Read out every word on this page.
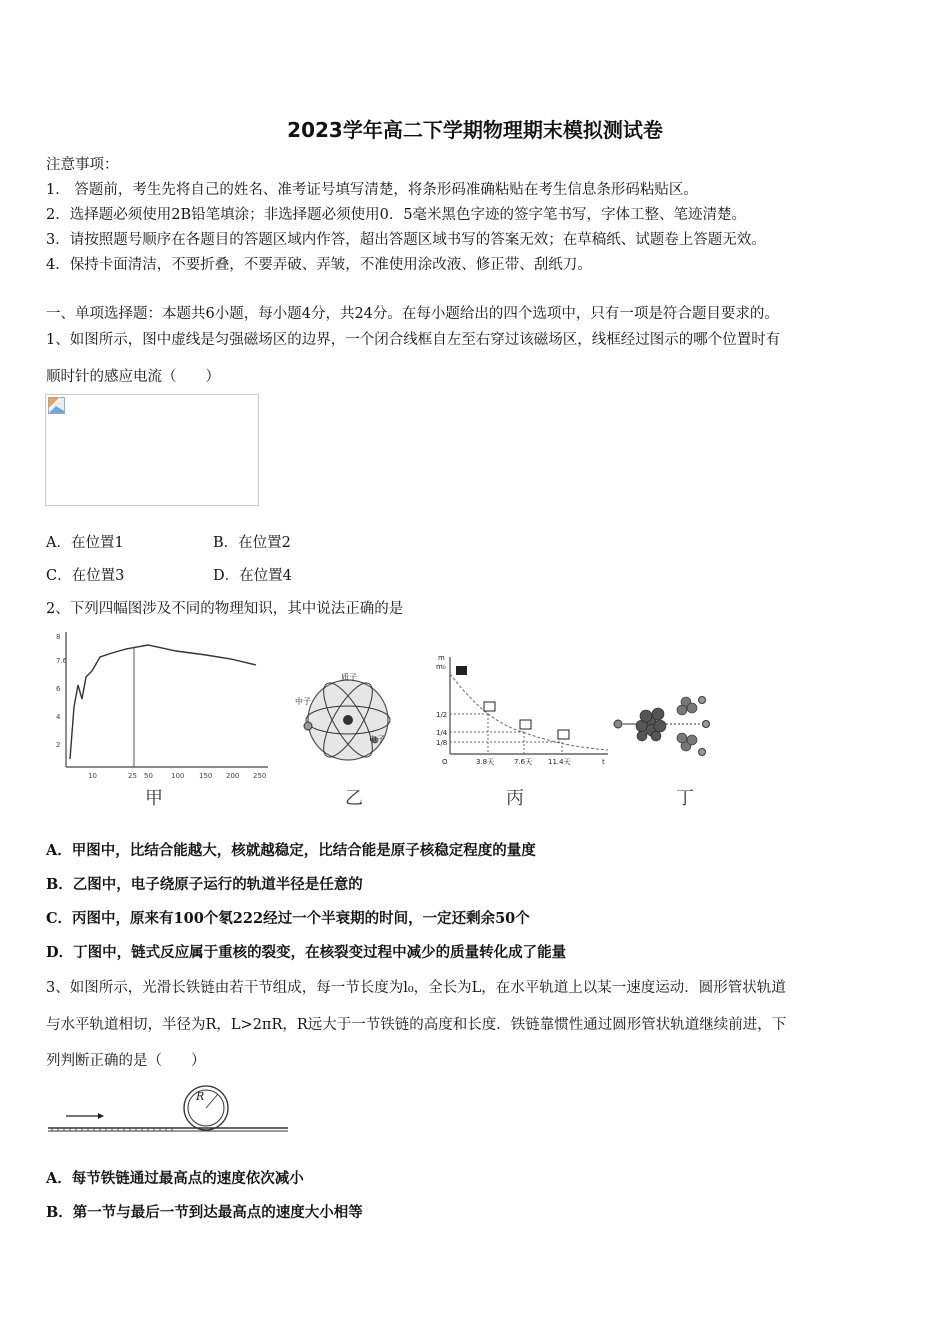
2023学年高二下学期物理期末模拟测试卷
注意事项：
1． 答题前，考生先将自己的姓名、准考证号填写清楚，将条形码准确粘贴在考生信息条形码粘贴区。
2．选择题必须使用2B铅笔填涂；非选择题必须使用0．5毫米黑色字迹的签字笔书写，字体工整、笔迹清楚。
3．请按照题号顺序在各题目的答题区域内作答，超出答题区域书写的答案无效；在草稿纸、试题卷上答题无效。
4．保持卡面清洁，不要折叠，不要弄破、弄皱，不准使用涂改液、修正带、刮纸刀。
一、单项选择题：本题共6小题，每小题4分，共24分。在每小题给出的四个选项中，只有一项是符合题目要求的。
1、如图所示，图中虚线是匀强磁场区的边界，一个闭合线框自左至右穿过该磁场区，线框经过图示的哪个位置时有
顺时针的感应电流（　　）
A．在位置1	B．在位置2
C．在位置3	D．在位置4
2、下列四幅图涉及不同的物理知识，其中说法正确的是
8
7.6
6
4
2
10	25 50	100 150 200 250
甲
质子
中子
电子
乙
m
m₀
1/2
1/4
1/8
O	3.8天	7.6天 11.4天	t
丙	丁
A．甲图中，比结合能越大，核就越稳定，比结合能是原子核稳定程度的量度
B．乙图中，电子绕原子运行的轨道半径是任意的
C．丙图中，原来有100个氡222经过一个半衰期的时间，一定还剩余50个
D．丁图中，链式反应属于重核的裂变，在核裂变过程中减少的质量转化成了能量
3、如图所示，光滑长铁链由若干节组成，每一节长度为l₀，全长为L，在水平轨道上以某一速度运动．圆形管状轨道
与水平轨道相切，半径为R，L>2πR，R远大于一节铁链的高度和长度．铁链靠惯性通过圆形管状轨道继续前进，下
列判断正确的是（　　）
R
A．每节铁链通过最高点的速度依次减小
B．第一节与最后一节到达最高点的速度大小相等
